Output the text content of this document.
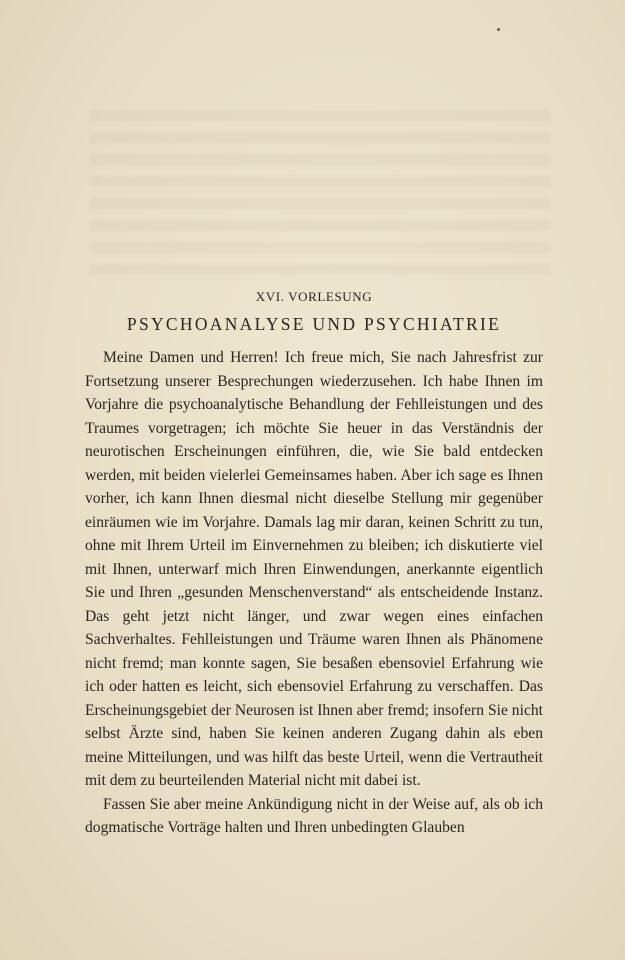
XVI. VORLESUNG
PSYCHOANALYSE UND PSYCHIATRIE

Meine Damen und Herren! Ich freue mich, Sie nach Jahresfrist zur Fortsetzung unserer Besprechungen wiederzusehen. Ich habe Ihnen im Vorjahre die psychoanalytische Behandlung der Fehlleistungen und des Traumes vorgetragen; ich möchte Sie heuer in das Verständnis der neurotischen Erscheinungen einführen, die, wie Sie bald entdecken werden, mit beiden vielerlei Gemeinsames haben. Aber ich sage es Ihnen vorher, ich kann Ihnen diesmal nicht dieselbe Stellung mir gegenüber einräumen wie im Vorjahre. Damals lag mir daran, keinen Schritt zu tun, ohne mit Ihrem Urteil im Einvernehmen zu bleiben; ich diskutierte viel mit Ihnen, unterwarf mich Ihren Einwendungen, anerkannte eigentlich Sie und Ihren „gesunden Menschenverstand“ als entscheidende Instanz. Das geht jetzt nicht länger, und zwar wegen eines einfachen Sachverhaltes. Fehlleistungen und Träume waren Ihnen als Phänomene nicht fremd; man konnte sagen, Sie besaßen ebensoviel Erfahrung wie ich oder hatten es leicht, sich ebensoviel Erfahrung zu verschaffen. Das Erscheinungsgebiet der Neurosen ist Ihnen aber fremd; insofern Sie nicht selbst Ärzte sind, haben Sie keinen anderen Zugang dahin als eben meine Mitteilungen, und was hilft das beste Urteil, wenn die Vertrautheit mit dem zu beurteilenden Material nicht mit dabei ist.

Fassen Sie aber meine Ankündigung nicht in der Weise auf, als ob ich dogmatische Vorträge halten und Ihren unbedingten Glauben
